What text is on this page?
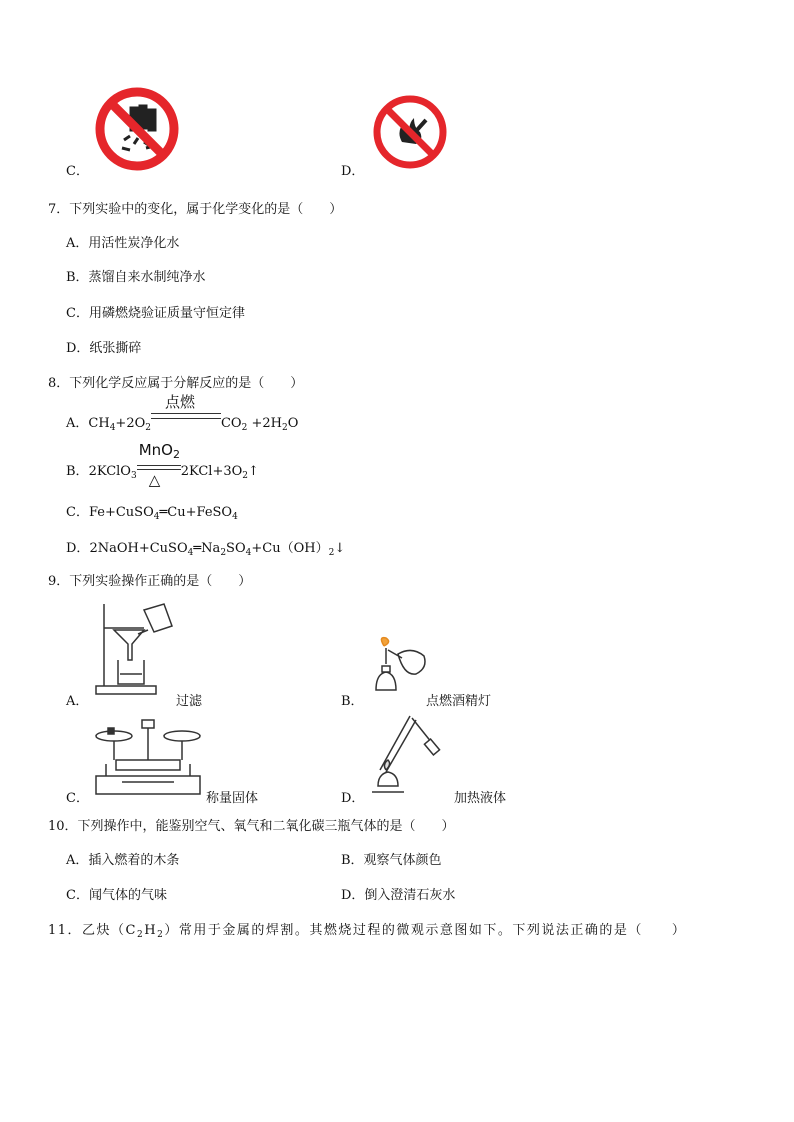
C．	D．
7．下列实验中的变化，属于化学变化的是（　　）
A．用活性炭净化水
B．蒸馏自来水制纯净水
C．用磷燃烧验证质量守恒定律
D．纸张撕碎
8．下列化学反应属于分解反应的是（　　）
A．$CH_4+2O_2$
点燃
$CO_2 +2H_2O$
B．2KClO$_3$
MnO$_2$
△ $2KCl+3O_2↑$
C．Fe+CuSO$_4$═Cu+FeSO$_4$
D．$2NaOH+CuSO_4═Na_2SO_4+Cu(OH)_2↓$
9．下列实验操作正确的是（　　）
A．	过滤	B．	点燃酒精灯
C．	称量固体	D．	加热液体
10．下列操作中，能鉴别空气、氧气和二氧化碳三瓶气体的是（　　）
A．插入燃着的木条	B．观察气体颜色
C．闻气体的气味	D．倒入澄清石灰水
11．乙炔$(C_2H_2)$常用于金属的焊割。其燃烧过程的微观示意图如下。下列说法正确的是（　　）
